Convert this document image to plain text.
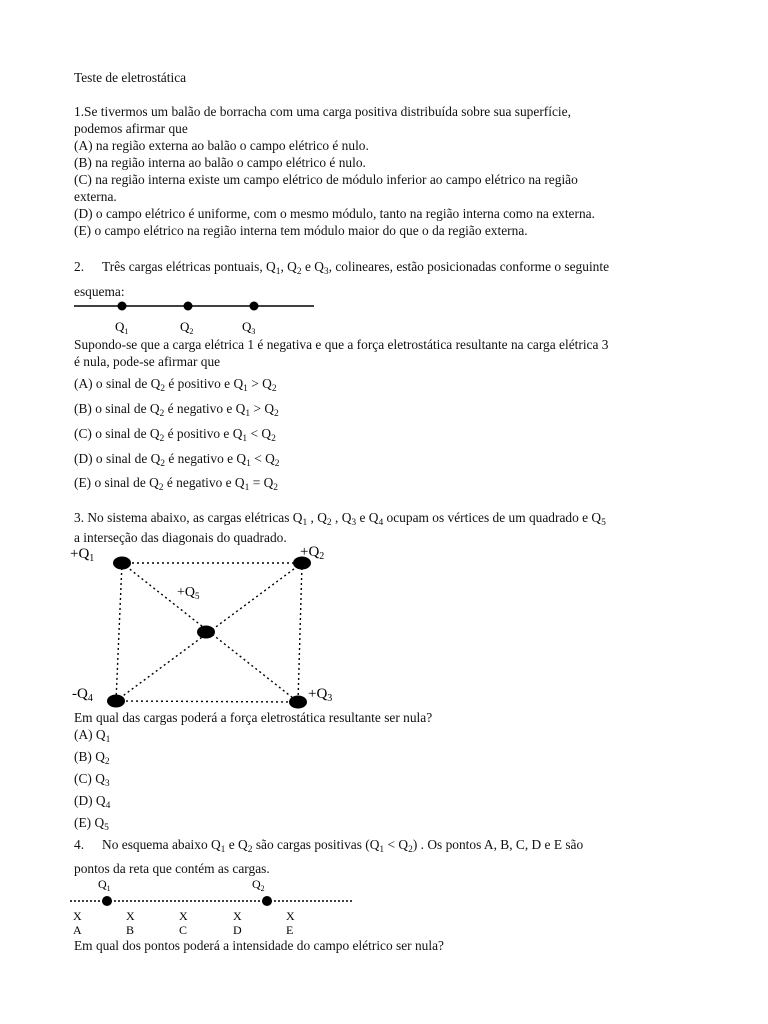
Teste de eletrostática
1.Se tivermos um balão de borracha com uma carga positiva distribuída sobre sua superfície,
podemos afirmar que
(A) na região externa ao balão o campo elétrico é nulo.
(B) na região interna ao balão o campo elétrico é nulo.
(C) na região interna existe um campo elétrico de módulo inferior ao campo elétrico na região
externa.
(D) o campo elétrico é uniforme, com o mesmo módulo, tanto na região interna como na externa.
(E) o campo elétrico na região interna tem módulo maior do que o da região externa.
2. Três cargas elétricas pontuais, $Q_1$, $Q_2$ e $Q_3$, colineares, estão posicionadas conforme o seguinte
esquema:
$Q_1$	$Q_2$	$Q_3$
Supondo-se que a carga elétrica 1 é negativa e que a força eletrostática resultante na carga elétrica 3
é nula, pode-se afirmar que
(A) o sinal de $Q_2$ é positivo e $Q_1 > Q_2$
(B) o sinal de $Q_2$ é negativo e $Q_1 > Q_2$
(C) o sinal de $Q_2$ é positivo e $Q_1 < Q_2$
(D) o sinal de $Q_2$ é negativo e $Q_1 < Q_2$
(E) o sinal de $Q_2$ é negativo e $Q_1 = Q_2$
3. No sistema abaixo, as cargas elétricas $Q_1$ , $Q_2$ , $Q_3$ e $Q_4$ ocupam os vértices de um quadrado e $Q_5$
a interseção das diagonais do quadrado.
Em qual das cargas poderá a força eletrostática resultante ser nula?
(A) $Q_1$
(B) $Q_2$
(C) $Q_3$
(D) $Q_4$
(E) $Q_5$
4. No esquema abaixo $Q_1$ e $Q_2$ são cargas positivas $(Q_1 < Q_2)$ . Os pontos A, B, C, D e E são
pontos da reta que contém as cargas.
Em qual dos pontos poderá a intensidade do campo elétrico ser nula?
$+Q_1$	$+Q_2$
$+Q_5$
$-Q_4$	$+Q_3$
$Q_1$	$Q_2$
X	X	X	X	X
A	B	C	D	E
